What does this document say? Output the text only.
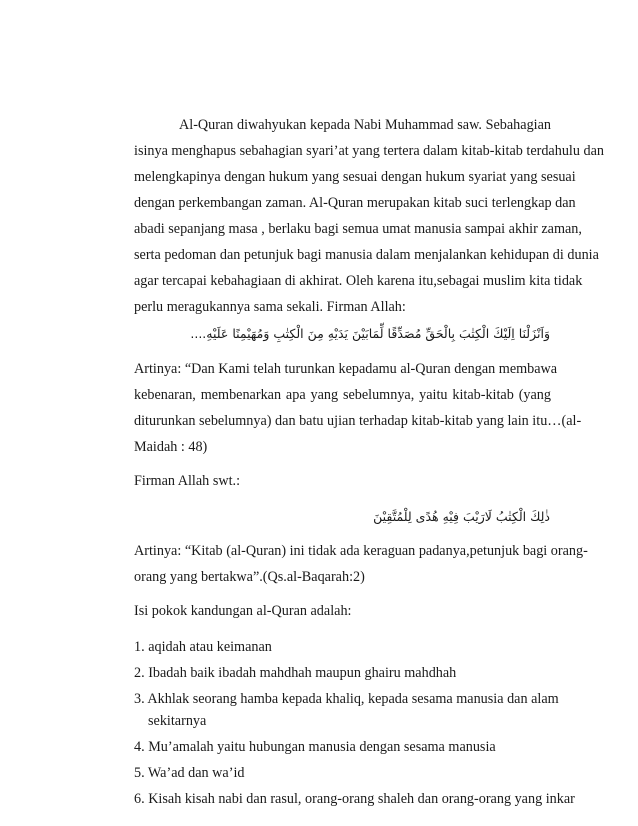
Al-Quran diwahyukan kepada Nabi Muhammad saw. Sebahagian
isinya menghapus sebahagian syari’at yang tertera dalam kitab-kitab terdahulu dan
melengkapinya dengan hukum yang sesuai dengan hukum syariat yang sesuai
dengan perkembangan zaman. Al-Quran merupakan kitab suci terlengkap dan
abadi sepanjang masa , berlaku bagi semua umat manusia sampai akhir zaman,
serta pedoman dan petunjuk bagi manusia dalam menjalankan kehidupan di dunia
agar tercapai kebahagiaan di akhirat. Oleh karena itu,sebagai muslim kita tidak
perlu meragukannya sama sekali. Firman Allah:
وَاَنْزَلْنَا اِلَيْكَ الْكِتٰبَ بِالْحَقِّ مُصَدِّقًا لِّمَابَيْنَ يَدَيْهِ مِنَ الْكِتٰبِ وَمُهَيْمِنًا عَلَيْهِ....
Artinya: “Dan Kami telah turunkan kepadamu al-Quran dengan membawa
kebenaran, membenarkan apa yang sebelumnya, yaitu kitab-kitab (yang
diturunkan sebelumnya) dan batu ujian terhadap kitab-kitab yang lain itu…(al-
Maidah : 48)
Firman Allah swt.:
ذٰلِكَ الْكِتٰبُ لَارَيْبَ فِيْهِ هُدًى لِلْمُتَّقِيْنَ
Artinya: “Kitab (al-Quran) ini tidak ada keraguan padanya,petunjuk bagi orang-
orang yang bertakwa”.(Qs.al-Baqarah:2)
Isi pokok kandungan al-Quran adalah:
1. aqidah atau keimanan
2. Ibadah baik ibadah mahdhah maupun ghairu mahdhah
3. Akhlak seorang hamba kepada khaliq, kepada sesama manusia dan alam
sekitarnya
4. Mu’amalah yaitu hubungan manusia dengan sesama manusia
5. Wa’ad dan wa’id
6. Kisah kisah nabi dan rasul, orang-orang shaleh dan orang-orang yang inkar
